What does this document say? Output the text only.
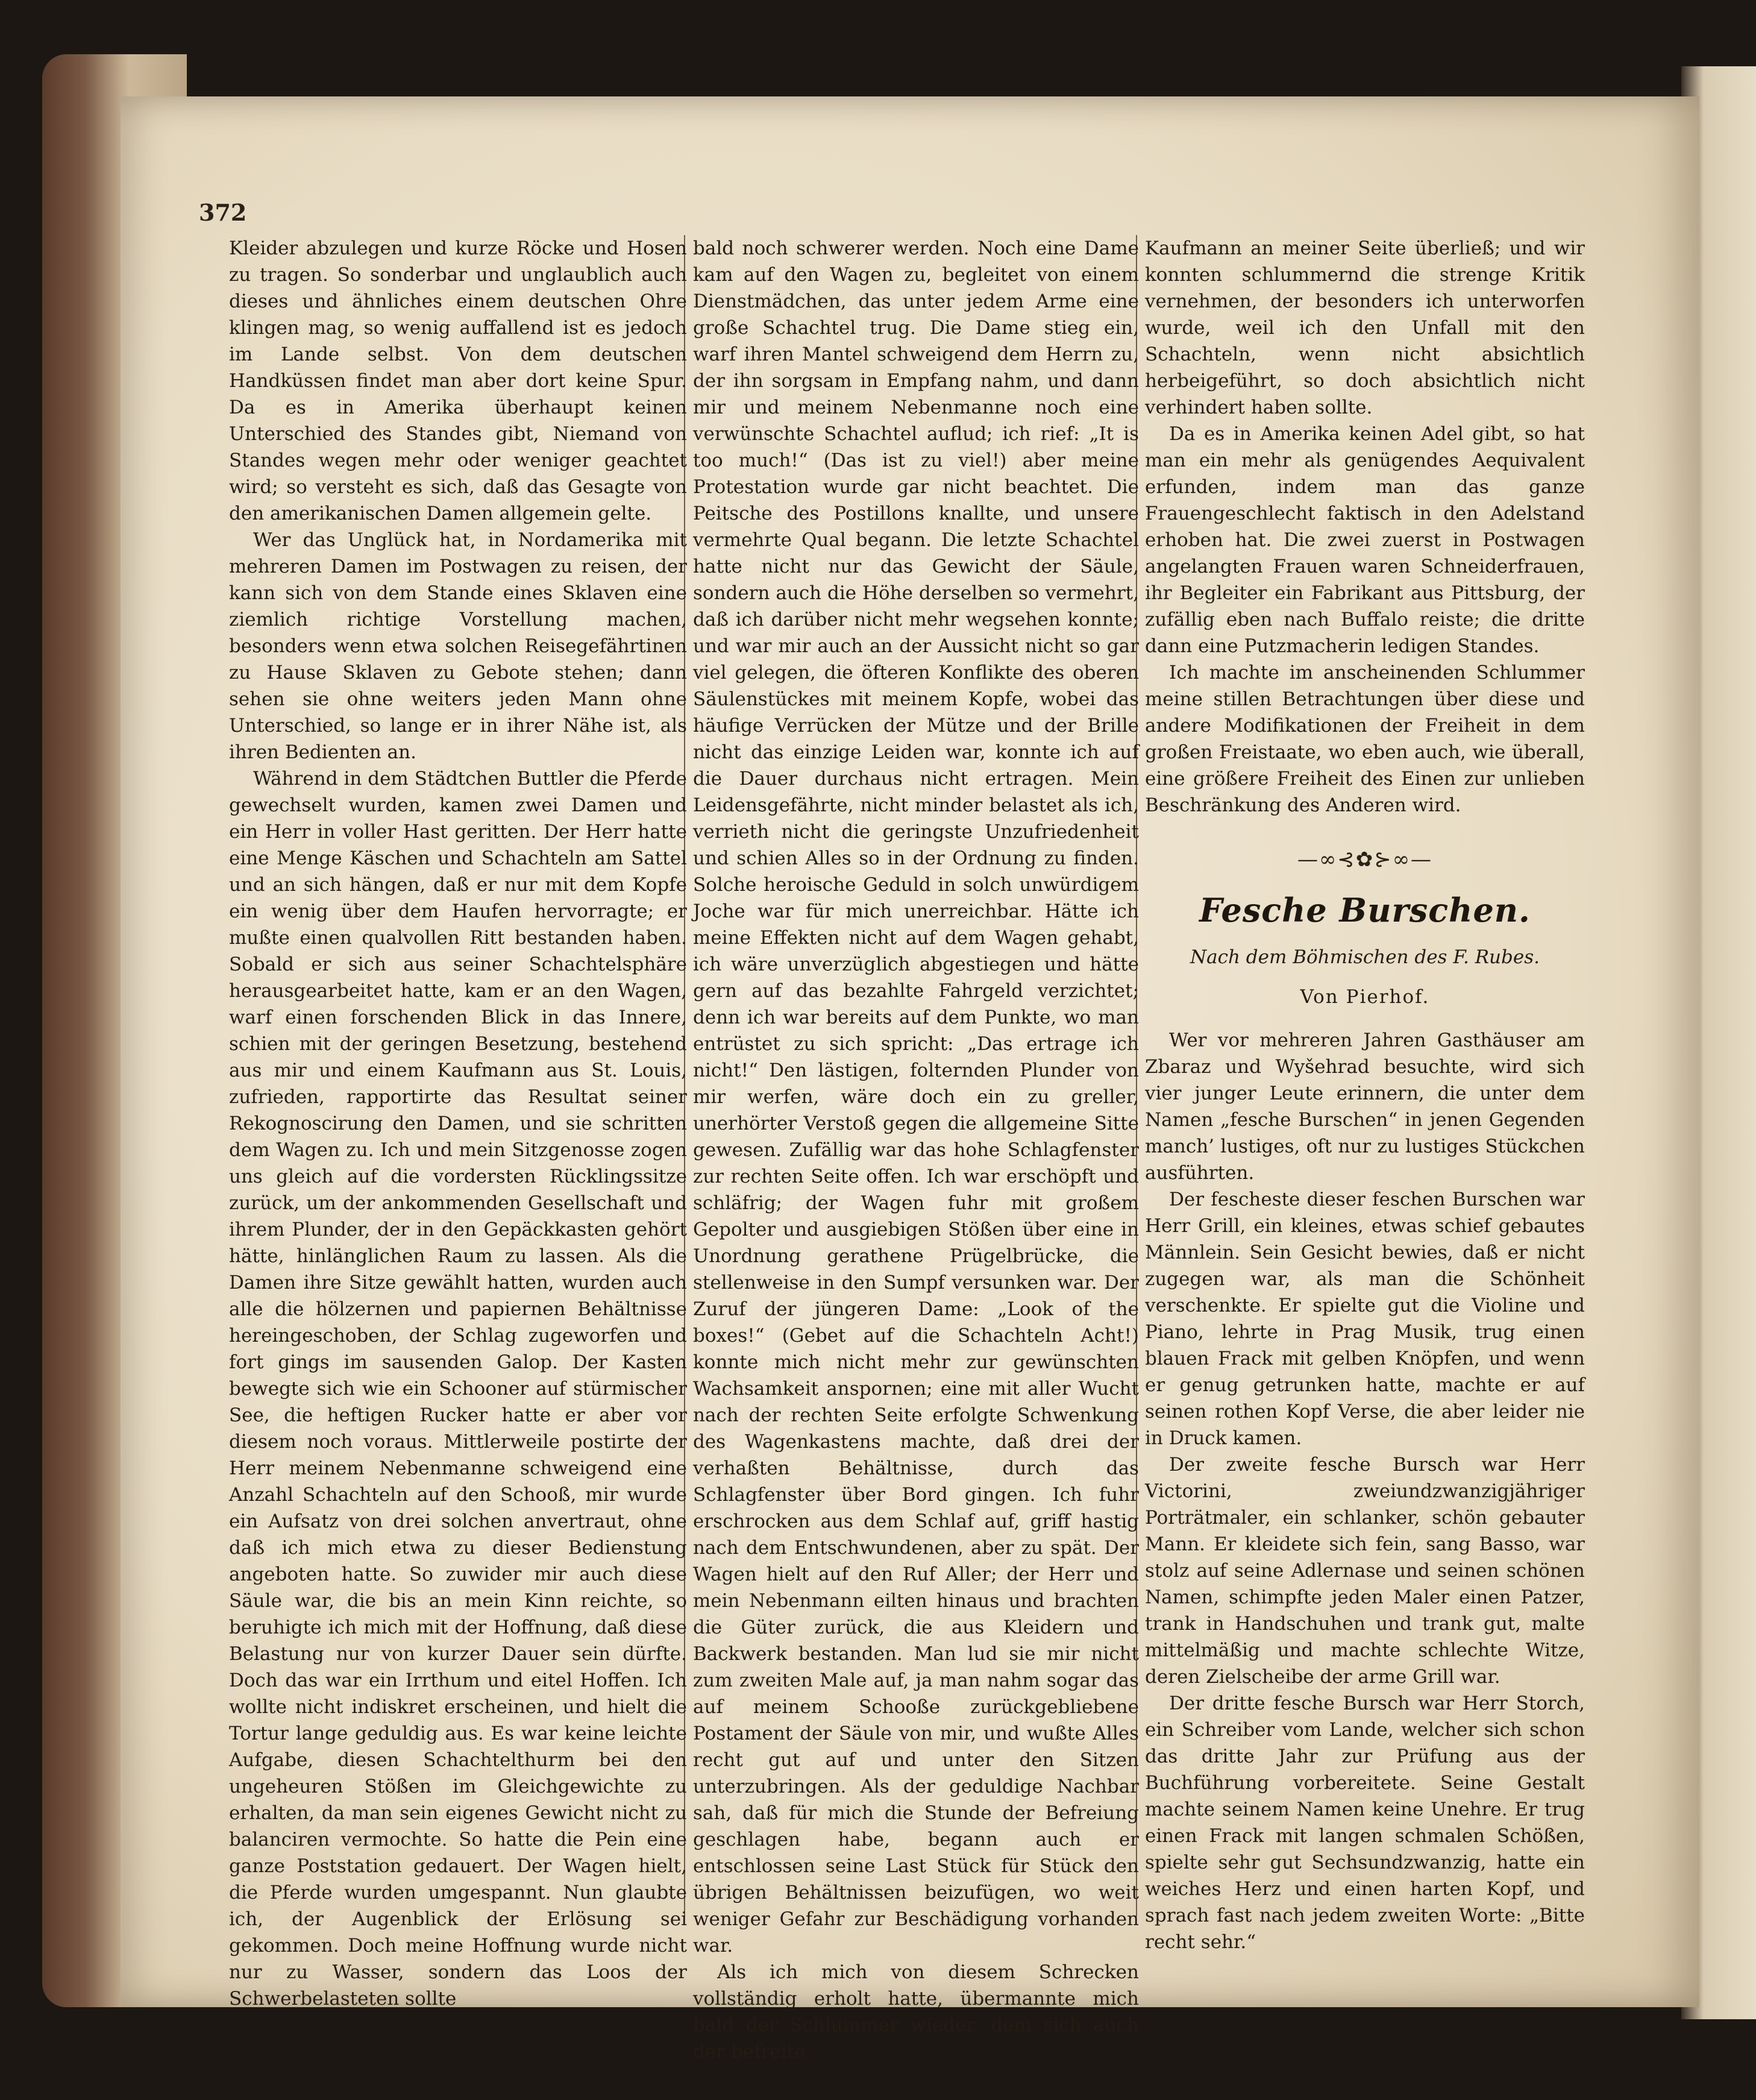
372

Kleider abzulegen und kurze Röcke und Hosen zu tragen. So sonderbar und unglaublich auch dieses und ähnliches einem deutschen Ohre klingen mag, so wenig auffallend ist es jedoch im Lande selbst. Von dem deutschen Handküssen findet man aber dort keine Spur. Da es in Amerika überhaupt keinen Unterschied des Standes gibt, Niemand von Standes wegen mehr oder weniger geachtet wird; so versteht es sich, daß das Gesagte von den amerikanischen Damen allgemein gelte.

Wer das Unglück hat, in Nordamerika mit mehreren Damen im Postwagen zu reisen, der kann sich von dem Stande eines Sklaven eine ziemlich richtige Vorstellung machen, besonders wenn etwa solchen Reisegefährtinen zu Hause Sklaven zu Gebote stehen; dann sehen sie ohne weiters jeden Mann ohne Unterschied, so lange er in ihrer Nähe ist, als ihren Bedienten an.

Während in dem Städtchen Buttler die Pferde gewechselt wurden, kamen zwei Damen und ein Herr in voller Hast geritten. Der Herr hatte eine Menge Käschen und Schachteln am Sattel und an sich hängen, daß er nur mit dem Kopfe ein wenig über dem Haufen hervorragte; er mußte einen qualvollen Ritt bestanden haben. Sobald er sich aus seiner Schachtelsphäre herausgearbeitet hatte, kam er an den Wagen, warf einen forschenden Blick in das Innere, schien mit der geringen Besetzung, bestehend aus mir und einem Kaufmann aus St. Louis, zufrieden, rapportirte das Resultat seiner Rekognoscirung den Damen, und sie schritten dem Wagen zu. Ich und mein Sitzgenosse zogen uns gleich auf die vordersten Rücklingssitze zurück, um der ankommenden Gesellschaft und ihrem Plunder, der in den Gepäckkasten gehört hätte, hinlänglichen Raum zu lassen. Als die Damen ihre Sitze gewählt hatten, wurden auch alle die hölzernen und papiernen Behältnisse hereingeschoben, der Schlag zugeworfen und fort gings im sausenden Galop. Der Kasten bewegte sich wie ein Schooner auf stürmischer See, die heftigen Rucker hatte er aber vor diesem noch voraus. Mittlerweile postirte der Herr meinem Nebenmanne schweigend eine Anzahl Schachteln auf den Schooß, mir wurde ein Aufsatz von drei solchen anvertraut, ohne daß ich mich etwa zu dieser Bedienstung angeboten hatte. So zuwider mir auch diese Säule war, die bis an mein Kinn reichte, so beruhigte ich mich mit der Hoffnung, daß diese Belastung nur von kurzer Dauer sein dürfte. Doch das war ein Irrthum und eitel Hoffen. Ich wollte nicht indiskret erscheinen, und hielt die Tortur lange geduldig aus. Es war keine leichte Aufgabe, diesen Schachtelthurm bei den ungeheuren Stößen im Gleichgewichte zu erhalten, da man sein eigenes Gewicht nicht zu balanciren vermochte. So hatte die Pein eine ganze Poststation gedauert. Der Wagen hielt, die Pferde wurden umgespannt. Nun glaubte ich, der Augenblick der Erlösung sei gekommen. Doch meine Hoffnung wurde nicht nur zu Wasser, sondern das Loos der Schwerbelasteten sollte

bald noch schwerer werden. Noch eine Dame kam auf den Wagen zu, begleitet von einem Dienstmädchen, das unter jedem Arme eine große Schachtel trug. Die Dame stieg ein, warf ihren Mantel schweigend dem Herrn zu, der ihn sorgsam in Empfang nahm, und dann mir und meinem Nebenmanne noch eine verwünschte Schachtel auflud; ich rief: „It is too much!“ (Das ist zu viel!) aber meine Protestation wurde gar nicht beachtet. Die Peitsche des Postillons knallte, und unsere vermehrte Qual begann. Die letzte Schachtel hatte nicht nur das Gewicht der Säule, sondern auch die Höhe derselben so vermehrt, daß ich darüber nicht mehr wegsehen konnte; und war mir auch an der Aussicht nicht so gar viel gelegen, die öfteren Konflikte des oberen Säulenstückes mit meinem Kopfe, wobei das häufige Verrücken der Mütze und der Brille nicht das einzige Leiden war, konnte ich auf die Dauer durchaus nicht ertragen. Mein Leidensgefährte, nicht minder belastet als ich, verrieth nicht die geringste Unzufriedenheit und schien Alles so in der Ordnung zu finden. Solche heroische Geduld in solch unwürdigem Joche war für mich unerreichbar. Hätte ich meine Effekten nicht auf dem Wagen gehabt, ich wäre unverzüglich abgestiegen und hätte gern auf das bezahlte Fahrgeld verzichtet; denn ich war bereits auf dem Punkte, wo man entrüstet zu sich spricht: „Das ertrage ich nicht!“ Den lästigen, folternden Plunder von mir werfen, wäre doch ein zu greller, unerhörter Verstoß gegen die allgemeine Sitte gewesen. Zufällig war das hohe Schlagfenster zur rechten Seite offen. Ich war erschöpft und schläfrig; der Wagen fuhr mit großem Gepolter und ausgiebigen Stößen über eine in Unordnung gerathene Prügelbrücke, die stellenweise in den Sumpf versunken war. Der Zuruf der jüngeren Dame: „Look of the boxes!“ (Gebet auf die Schachteln Acht!) konnte mich nicht mehr zur gewünschten Wachsamkeit anspornen; eine mit aller Wucht nach der rechten Seite erfolgte Schwenkung des Wagenkastens machte, daß drei der verhaßten Behältnisse, durch das Schlagfenster über Bord gingen. Ich fuhr erschrocken aus dem Schlaf auf, griff hastig nach dem Entschwundenen, aber zu spät. Der Wagen hielt auf den Ruf Aller; der Herr und mein Nebenmann eilten hinaus und brachten die Güter zurück, die aus Kleidern und Backwerk bestanden. Man lud sie mir nicht zum zweiten Male auf, ja man nahm sogar das auf meinem Schooße zurückgebliebene Postament der Säule von mir, und wußte Alles recht gut auf und unter den Sitzen unterzubringen. Als der geduldige Nachbar sah, daß für mich die Stunde der Befreiung geschlagen habe, begann auch er entschlossen seine Last Stück für Stück den übrigen Behältnissen beizufügen, wo weit weniger Gefahr zur Beschädigung vorhanden war.

Als ich mich von diesem Schrecken vollständig erholt hatte, übermannte mich bald der Schlummer wieder, dem sich auch der befreite

Kaufmann an meiner Seite überließ; und wir konnten schlummernd die strenge Kritik vernehmen, der besonders ich unterworfen wurde, weil ich den Unfall mit den Schachteln, wenn nicht absichtlich herbeigeführt, so doch absichtlich nicht verhindert haben sollte.

Da es in Amerika keinen Adel gibt, so hat man ein mehr als genügendes Aequivalent erfunden, indem man das ganze Frauengeschlecht faktisch in den Adelstand erhoben hat. Die zwei zuerst in Postwagen angelangten Frauen waren Schneiderfrauen, ihr Begleiter ein Fabrikant aus Pittsburg, der zufällig eben nach Buffalo reiste; die dritte dann eine Putzmacherin ledigen Standes.

Ich machte im anscheinenden Schlummer meine stillen Betrachtungen über diese und andere Modifikationen der Freiheit in dem großen Freistaate, wo eben auch, wie überall, eine größere Freiheit des Einen zur unlieben Beschränkung des Anderen wird.

—∞⊰✿⊱∞—
Fesche Burschen.
Nach dem Böhmischen des F. Rubes.
Von Pierhof.

Wer vor mehreren Jahren Gasthäuser am Zbaraz und Wyšehrad besuchte, wird sich vier junger Leute erinnern, die unter dem Namen „fesche Burschen“ in jenen Gegenden manch’ lustiges, oft nur zu lustiges Stückchen ausführten.

Der fescheste dieser feschen Burschen war Herr Grill, ein kleines, etwas schief gebautes Männlein. Sein Gesicht bewies, daß er nicht zugegen war, als man die Schönheit verschenkte. Er spielte gut die Violine und Piano, lehrte in Prag Musik, trug einen blauen Frack mit gelben Knöpfen, und wenn er genug getrunken hatte, machte er auf seinen rothen Kopf Verse, die aber leider nie in Druck kamen.

Der zweite fesche Bursch war Herr Victorini, zweiundzwanzigjähriger Porträtmaler, ein schlanker, schön gebauter Mann. Er kleidete sich fein, sang Basso, war stolz auf seine Adlernase und seinen schönen Namen, schimpfte jeden Maler einen Patzer, trank in Handschuhen und trank gut, malte mittelmäßig und machte schlechte Witze, deren Zielscheibe der arme Grill war.

Der dritte fesche Bursch war Herr Storch, ein Schreiber vom Lande, welcher sich schon das dritte Jahr zur Prüfung aus der Buchführung vorbereitete. Seine Gestalt machte seinem Namen keine Unehre. Er trug einen Frack mit langen schmalen Schößen, spielte sehr gut Sechsundzwanzig, hatte ein weiches Herz und einen harten Kopf, und sprach fast nach jedem zweiten Worte: „Bitte recht sehr.“
